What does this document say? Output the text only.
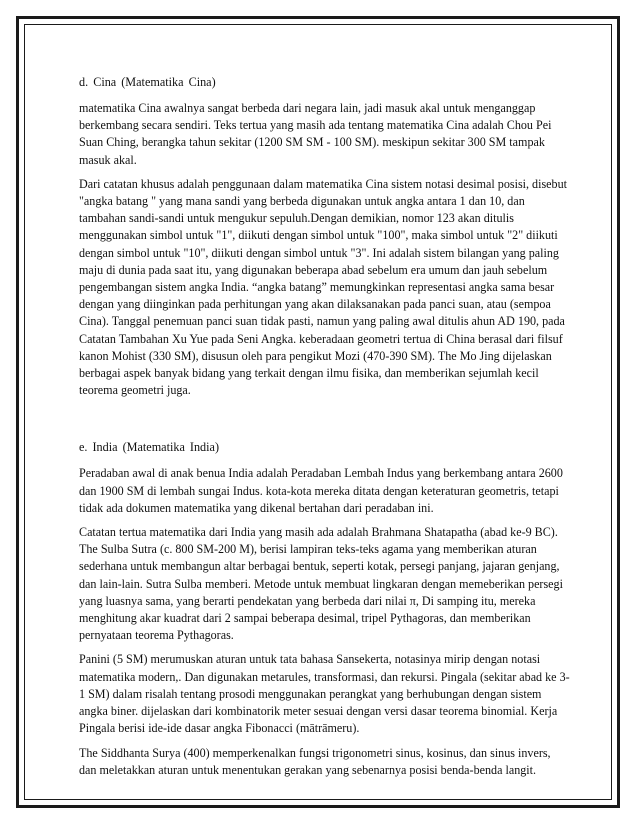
d. Cina (Matematika Cina)

matematika Cina awalnya sangat berbeda dari negara lain, jadi masuk akal untuk menganggap berkembang secara sendiri. Teks tertua yang masih ada tentang matematika Cina adalah Chou Pei Suan Ching, berangka tahun sekitar (1200 SM SM - 100 SM). meskipun sekitar 300 SM tampak masuk akal.

Dari catatan khusus adalah penggunaan dalam matematika Cina sistem notasi desimal posisi, disebut "angka batang " yang mana sandi yang berbeda digunakan untuk angka antara 1 dan 10, dan tambahan sandi-sandi untuk mengukur sepuluh.Dengan demikian, nomor 123 akan ditulis menggunakan simbol untuk "1", diikuti dengan simbol untuk "100", maka simbol untuk "2" diikuti dengan simbol untuk "10", diikuti dengan simbol untuk "3". Ini adalah sistem bilangan yang paling maju di dunia pada saat itu, yang digunakan beberapa abad sebelum era umum dan jauh sebelum pengembangan sistem angka India. “angka batang” memungkinkan representasi angka sama besar dengan yang diinginkan pada perhitungan yang akan dilaksanakan pada panci suan, atau (sempoa Cina). Tanggal penemuan panci suan tidak pasti, namun yang paling awal ditulis ahun AD 190, pada Catatan Tambahan Xu Yue pada Seni Angka. keberadaan geometri tertua di China berasal dari filsuf kanon Mohist (330 SM), disusun oleh para pengikut Mozi (470-390 SM). The Mo Jing dijelaskan berbagai aspek banyak bidang yang terkait dengan ilmu fisika, dan memberikan sejumlah kecil teorema geometri juga.

e. India (Matematika India)

Peradaban awal di anak benua India adalah Peradaban Lembah Indus yang berkembang antara 2600 dan 1900 SM di lembah sungai Indus. kota-kota mereka ditata dengan keteraturan geometris, tetapi tidak ada dokumen matematika yang dikenal bertahan dari peradaban ini.

Catatan tertua matematika dari India yang masih ada adalah Brahmana Shatapatha (abad ke-9 BC). The Sulba Sutra (c. 800 SM-200 M), berisi lampiran teks-teks agama yang memberikan aturan sederhana untuk membangun altar berbagai bentuk, seperti kotak, persegi panjang, jajaran genjang, dan lain-lain. Sutra Sulba memberi. Metode untuk membuat lingkaran dengan memeberikan persegi yang luasnya sama, yang berarti pendekatan yang berbeda dari nilai π, Di samping itu, mereka menghitung akar kuadrat dari 2 sampai beberapa desimal, tripel Pythagoras, dan memberikan pernyataan teorema Pythagoras.

Panini (5 SM) merumuskan aturan untuk tata bahasa Sansekerta, notasinya mirip dengan notasi matematika modern,. Dan digunakan metarules, transformasi, dan rekursi. Pingala (sekitar abad ke 3-1 SM) dalam risalah tentang prosodi menggunakan perangkat yang berhubungan dengan sistem angka biner. dijelaskan dari kombinatorik meter sesuai dengan versi dasar teorema binomial. Kerja Pingala berisi ide-ide dasar angka Fibonacci (mātrāmeru).

The Siddhanta Surya (400) memperkenalkan fungsi trigonometri sinus, kosinus, dan sinus invers, dan meletakkan aturan untuk menentukan gerakan yang sebenarnya posisi benda-benda langit.
